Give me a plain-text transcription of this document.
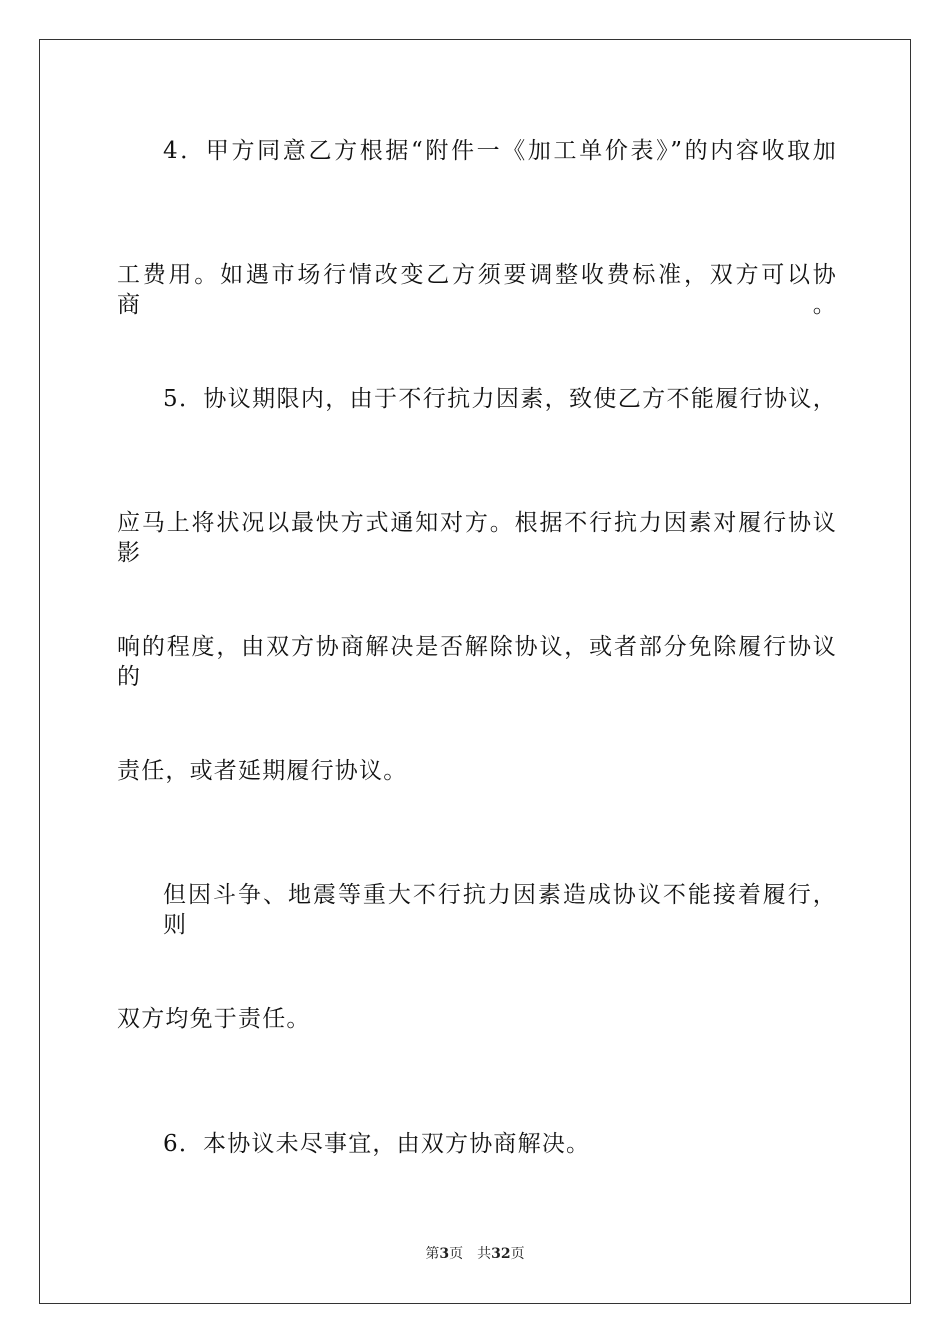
4．甲方同意乙方根据“附件一《加工单价表》”的内容收取加
工费用。如遇市场行情改变乙方须要调整收费标准，双方可以协商。
5．协议期限内，由于不行抗力因素，致使乙方不能履行协议，
应马上将状况以最快方式通知对方。根据不行抗力因素对履行协议影
响的程度，由双方协商解决是否解除协议，或者部分免除履行协议的
责任，或者延期履行协议。
但因斗争、地震等重大不行抗力因素造成协议不能接着履行，则
双方均免于责任。
6．本协议未尽事宜，由双方协商解决。
第3页 共32页
